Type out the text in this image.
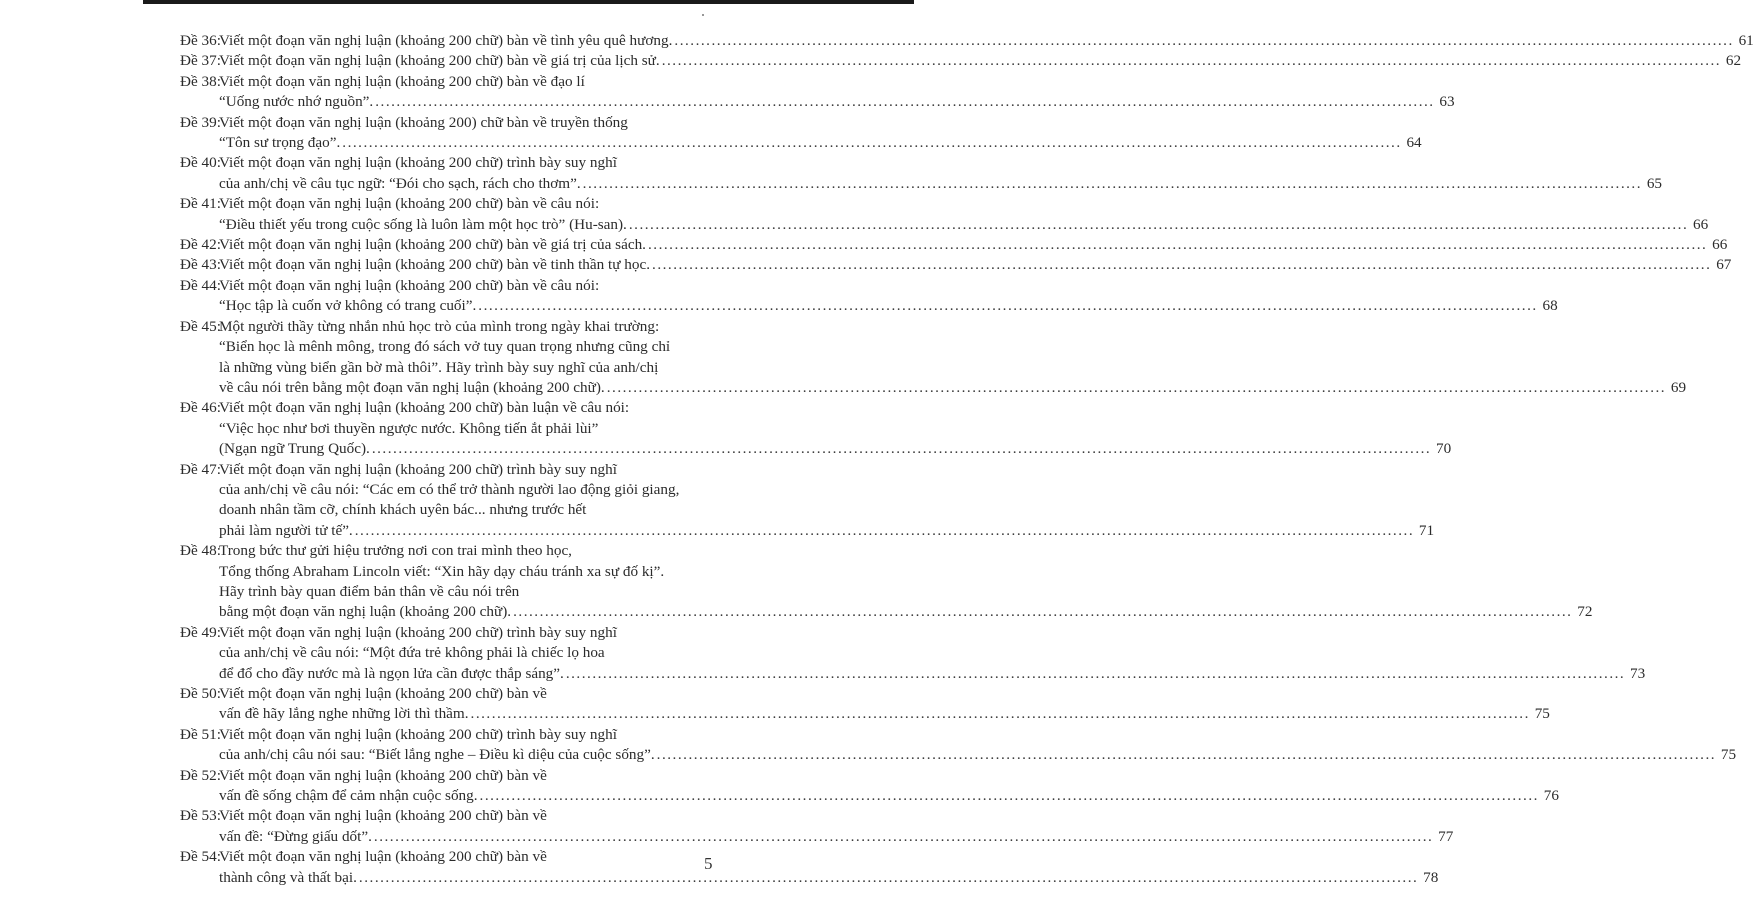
Đề 36:
Viết một đoạn văn nghị luận (khoảng 200 chữ) bàn về tình yêu quê hương. ........................................................................................................................................................................................................ 61
Đề 37:
Viết một đoạn văn nghị luận (khoảng 200 chữ) bàn về giá trị của lịch sử. ........................................................................................................................................................................................................ 62
Đề 38:
Viết một đoạn văn nghị luận (khoảng 200 chữ) bàn về đạo lí
“Uống nước nhớ nguồn”. ........................................................................................................................................................................................................ 63
Đề 39:
Viết một đoạn văn nghị luận (khoảng 200) chữ bàn về truyền thống
“Tôn sư trọng đạo”. ........................................................................................................................................................................................................ 64
Đề 40:
Viết một đoạn văn nghị luận (khoảng 200 chữ) trình bày suy nghĩ
của anh/chị về câu tục ngữ: “Đói cho sạch, rách cho thơm”. ........................................................................................................................................................................................................ 65
Đề 41:
Viết một đoạn văn nghị luận (khoảng 200 chữ) bàn về câu nói:
“Điều thiết yếu trong cuộc sống là luôn làm một học trò” (Hu-san). ........................................................................................................................................................................................................ 66
Đề 42:
Viết một đoạn văn nghị luận (khoảng 200 chữ) bàn về giá trị của sách. ........................................................................................................................................................................................................ 66
Đề 43:
Viết một đoạn văn nghị luận (khoảng 200 chữ) bàn về tinh thần tự học. ........................................................................................................................................................................................................ 67
Đề 44:
Viết một đoạn văn nghị luận (khoảng 200 chữ) bàn về câu nói:
“Học tập là cuốn vở không có trang cuối”. ........................................................................................................................................................................................................ 68
Đề 45:
Một người thầy từng nhắn nhủ học trò của mình trong ngày khai trường:
“Biển học là mênh mông, trong đó sách vở tuy quan trọng nhưng cũng chỉ
là những vùng biển gần bờ mà thôi”. Hãy trình bày suy nghĩ của anh/chị
về câu nói trên bằng một đoạn văn nghị luận (khoảng 200 chữ). ........................................................................................................................................................................................................ 69
Đề 46:
Viết một đoạn văn nghị luận (khoảng 200 chữ) bàn luận về câu nói:
“Việc học như bơi thuyền ngược nước. Không tiến ắt phải lùi”
(Ngạn ngữ Trung Quốc). ........................................................................................................................................................................................................ 70
Đề 47:
Viết một đoạn văn nghị luận (khoảng 200 chữ) trình bày suy nghĩ
của anh/chị về câu nói: “Các em có thể trở thành người lao động giỏi giang,
doanh nhân tầm cỡ, chính khách uyên bác... nhưng trước hết
phải làm người tử tế”. ........................................................................................................................................................................................................ 71
Đề 48:
Trong bức thư gửi hiệu trưởng nơi con trai mình theo học,
Tổng thống Abraham Lincoln viết: “Xin hãy dạy cháu tránh xa sự đố kị”.
Hãy trình bày quan điểm bản thân về câu nói trên
bằng một đoạn văn nghị luận (khoảng 200 chữ). ........................................................................................................................................................................................................ 72
Đề 49:
Viết một đoạn văn nghị luận (khoảng 200 chữ) trình bày suy nghĩ
của anh/chị về câu nói: “Một đứa trẻ không phải là chiếc lọ hoa
để đổ cho đầy nước mà là ngọn lửa cần được thắp sáng”. ........................................................................................................................................................................................................ 73
Đề 50:
Viết một đoạn văn nghị luận (khoảng 200 chữ) bàn về
vấn đề hãy lắng nghe những lời thì thầm. ........................................................................................................................................................................................................ 75
Đề 51:
Viết một đoạn văn nghị luận (khoảng 200 chữ) trình bày suy nghĩ
của anh/chị câu nói sau: “Biết lắng nghe – Điều kì diệu của cuộc sống”. ........................................................................................................................................................................................................ 75
Đề 52:
Viết một đoạn văn nghị luận (khoảng 200 chữ) bàn về
vấn đề sống chậm để cảm nhận cuộc sống. ........................................................................................................................................................................................................ 76
Đề 53:
Viết một đoạn văn nghị luận (khoảng 200 chữ) bàn về
vấn đề: “Đừng giấu dốt”. ........................................................................................................................................................................................................ 77
Đề 54:
Viết một đoạn văn nghị luận (khoảng 200 chữ) bàn về
thành công và thất bại. ........................................................................................................................................................................................................ 78
5
